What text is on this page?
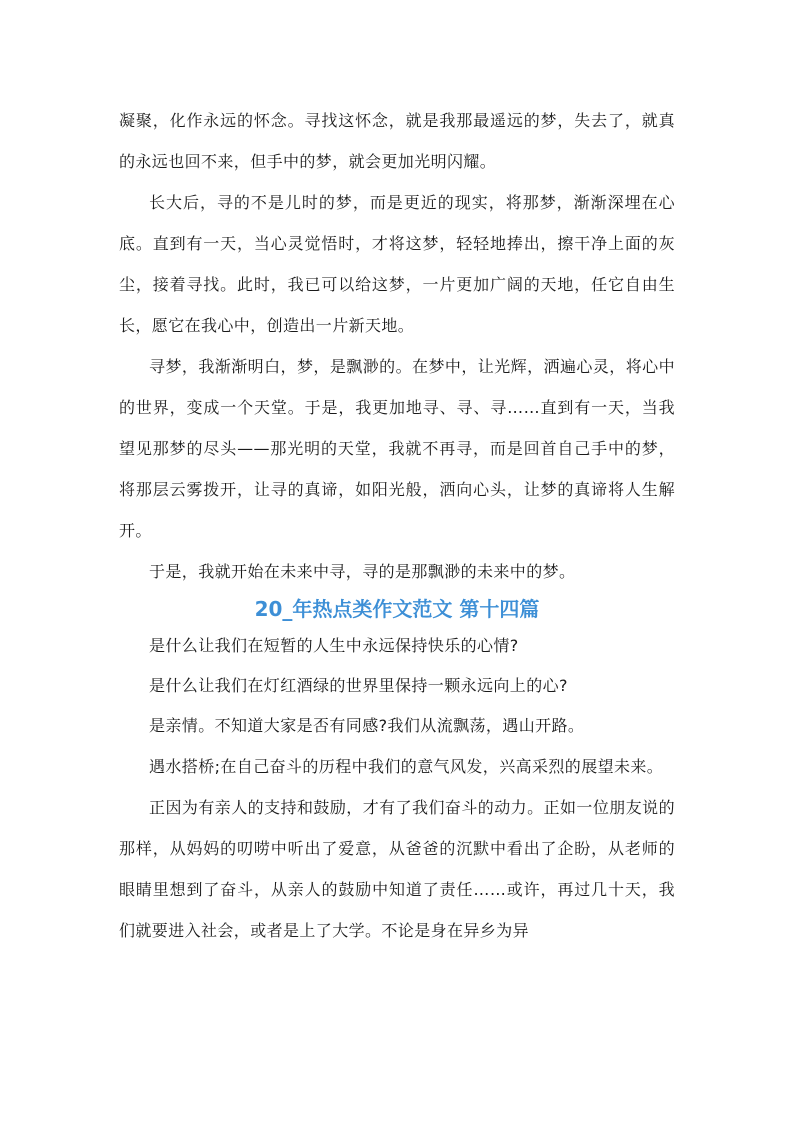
凝聚，化作永远的怀念。寻找这怀念，就是我那最遥远的梦，失去了，就真的永远也回不来，但手中的梦，就会更加光明闪耀。

长大后，寻的不是儿时的梦，而是更近的现实，将那梦，渐渐深埋在心底。直到有一天，当心灵觉悟时，才将这梦，轻轻地捧出，擦干净上面的灰尘，接着寻找。此时，我已可以给这梦，一片更加广阔的天地，任它自由生长，愿它在我心中，创造出一片新天地。

寻梦，我渐渐明白，梦，是飘渺的。在梦中，让光辉，洒遍心灵，将心中的世界，变成一个天堂。于是，我更加地寻、寻、寻……直到有一天，当我望见那梦的尽头——那光明的天堂，我就不再寻，而是回首自己手中的梦，将那层云雾拨开，让寻的真谛，如阳光般，洒向心头，让梦的真谛将人生解开。

于是，我就开始在未来中寻，寻的是那飘渺的未来中的梦。

20_年热点类作文范文 第十四篇

是什么让我们在短暂的人生中永远保持快乐的心情?

是什么让我们在灯红酒绿的世界里保持一颗永远向上的心?

是亲情。不知道大家是否有同感?我们从流飘荡，遇山开路。

遇水搭桥;在自己奋斗的历程中我们的意气风发，兴高采烈的展望未来。

正因为有亲人的支持和鼓励，才有了我们奋斗的动力。正如一位朋友说的那样，从妈妈的叨唠中听出了爱意，从爸爸的沉默中看出了企盼，从老师的眼睛里想到了奋斗，从亲人的鼓励中知道了责任……或许，再过几十天，我们就要进入社会，或者是上了大学。不论是身在异乡为异
